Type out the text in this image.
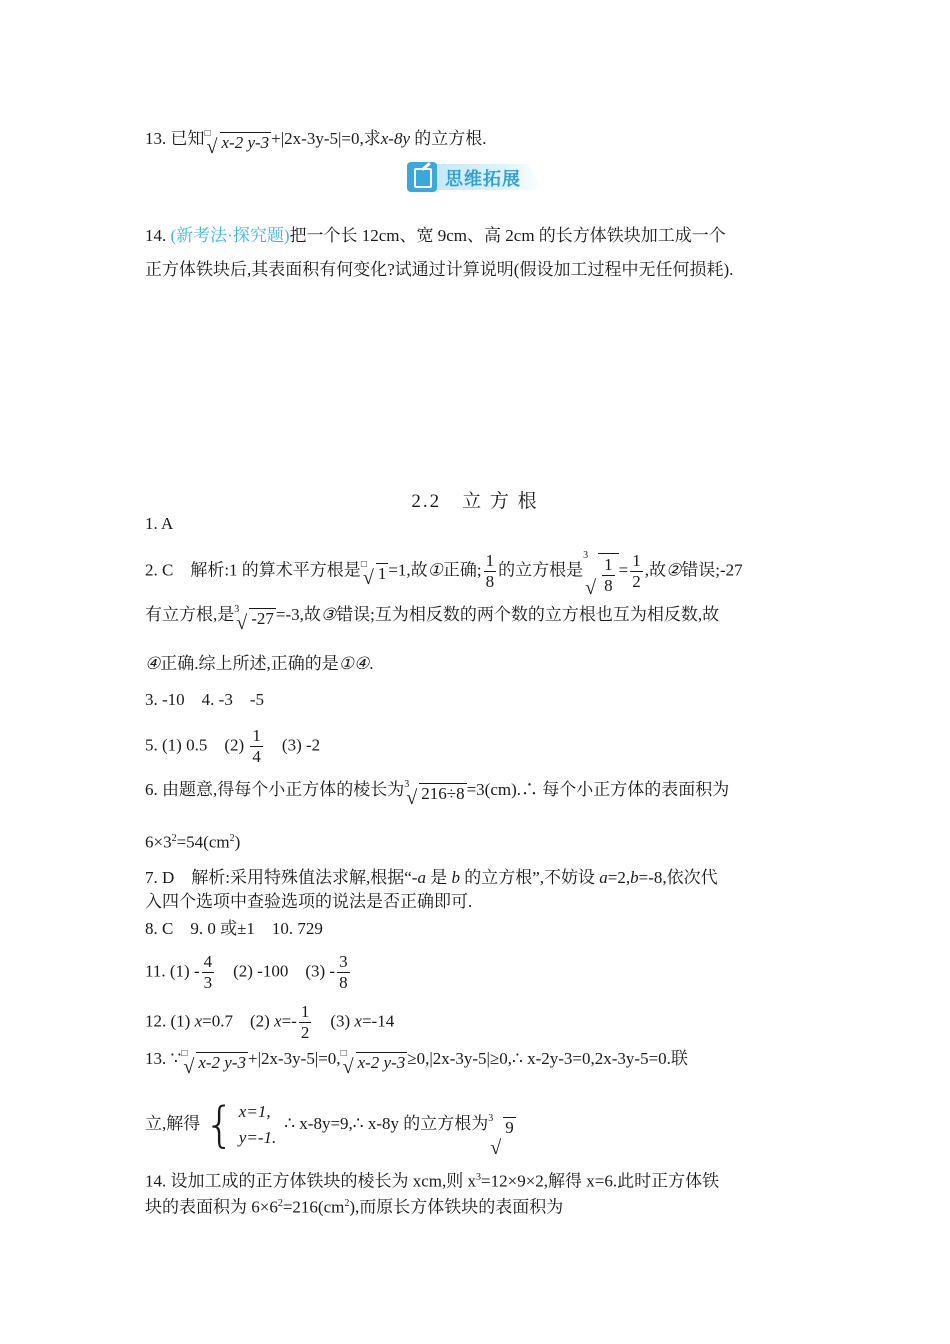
13. 已知 □
√ x-2 y-3 +|2x-3y-5|=0,求x-8y 的立方根.
思维拓展
14. (新考法·探究题)把一个长 12cm、宽 9cm、高 2cm 的长方体铁块加工成一个
正方体铁块后,其表面积有何变化?试通过计算说明(假设加工过程中无任何损耗).
2.2　立 方 根
1. A
2. C　解析:1 的算术平方根是 □
√ 1 =1,故①正确; $\frac{1}{8}$ 的立方根是
3
√ $\frac{1}{8} = \frac{1}{2}$ ,故②错误;-27
有立方根,是 3
√ -27 =-3,故③错误;互为相反数的两个数的立方根也互为相反数,故
④正确.综上所述,正确的是①④.
3. -10　4. -3　-5
5. (1) 0.5　$(2) \frac{1}{4}$ 　(3) -2
6. 由题意,得每个小正方体的棱长为 3
√ 216÷8 =3(cm).∴ 每个小正方体的表面积为
$6\times 3^2=54(cm^2)$
7. D　解析:采用特殊值法求解,根据“-a 是 b 的立方根”,不妨设 a=2,b=-8,依次代
入四个选项中查验选项的说法是否正确即可.
8. C　9. 0 或±1　10. 729
11. $(1) - \frac{4}{3}$ 　(2) -100　$(3) - \frac{3}{8}$
12. (1) x=0.7　(2) $x=- \frac{1}{2}$ 　(3) x=-14
13. ∵ □
√ x-2 y-3 +|2x-3y-5|=0, □
√ x-2 y-3 ≥0,|2x-3y-5|≥0,∴ x-2y-3=0,2x-3y-5=0.联
立,解得 { x=1,
y=-1.
∴ x-8y=9,∴ x-8y 的立方根为 3
√
9
14. 设加工成的正方体铁块的棱长为 xcm,则 $x^3=12\times 9\times 2$,解得 x=6.此时正方体铁
块的表面积为 $6\times 6^2=216(cm^2)$,而原长方体铁块的表面积为
